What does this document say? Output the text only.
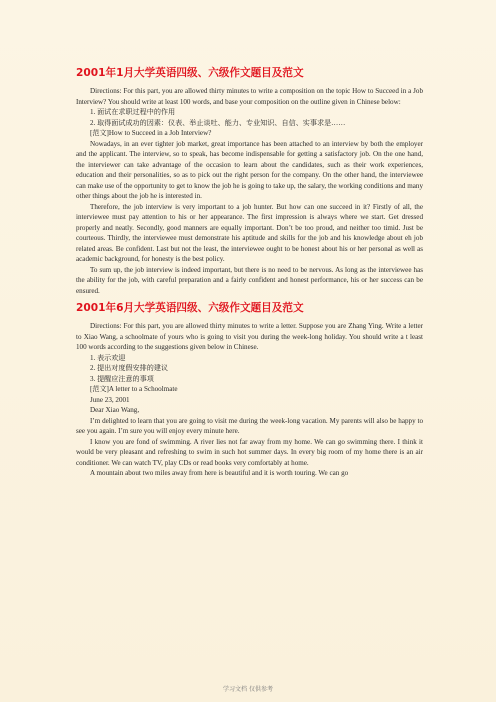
2001年1月大学英语四级、六级作文题目及范文

Directions: For this part, you are allowed thirty minutes to write a composition on the topic How to Succeed in a Job Interview? You should write at least 100 words, and base your composition on the outline given in Chinese below:

1. 面试在求职过程中的作用

2. 取得面试成功的因素：仪表、举止谈吐、能力、专业知识、自信、实事求是……

[范文]How to Succeed in a Job Interview?

Nowadays, in an ever tighter job market, great importance has been attached to an interview by both the employer and the applicant. The interview, so to speak, has become indispensable for getting a satisfactory job. On the one hand, the interviewer can take advantage of the occasion to learn about the candidates, such as their work experiences, education and their personalities, so as to pick out the right person for the company. On the other hand, the interviewee can make use of the opportunity to get to know the job he is going to take up, the salary, the working conditions and many other things about the job he is interested in.

Therefore, the job interview is very important to a job hunter. But how can one succeed in it? Firstly of all, the interviewee must pay attention to his or her appearance. The first impression is always where we start. Get dressed properly and neatly. Secondly, good manners are equally important. Don’t be too proud, and neither too timid. Just be courteous. Thirdly, the interviewee must demonstrate his aptitude and skills for the job and his knowledge about eh job related areas. Be confident. Last but not the least, the interviewee ought to be honest about his or her personal as well as academic background, for honesty is the best policy.

To sum up, the job interview is indeed important, but there is no need to be nervous. As long as the interviewee has the ability for the job, with careful preparation and a fairly confident and honest performance, his or her success can be ensured.

2001年6月大学英语四级、六级作文题目及范文

Directions: For this part, you are allowed thirty minutes to write a letter. Suppose you are Zhang Ying. Write a letter to Xiao Wang, a schoolmate of yours who is going to visit you during the week-long holiday. You should write a t least 100 words according to the suggestions given below in Chinese.

1. 表示欢迎

2. 提出对度假安排的建议

3. 提醒应注意的事项

[范文]A letter to a Schoolmate

June 23, 2001

Dear Xiao Wang,

I’m delighted to learn that you are going to visit me during the week-long vacation. My parents will also be happy to see you again. I’m sure you will enjoy every minute here.

I know you are fond of swimming. A river lies not far away from my home. We can go swimming there. I think it would be very pleasant and refreshing to swim in such hot summer days. In every big room of my home there is an air conditioner. We can watch TV, play CDs or read books very comfortably at home.

A mountain about two miles away from here is beautiful and it is worth touring. We can go

学习文档 仅供参考
